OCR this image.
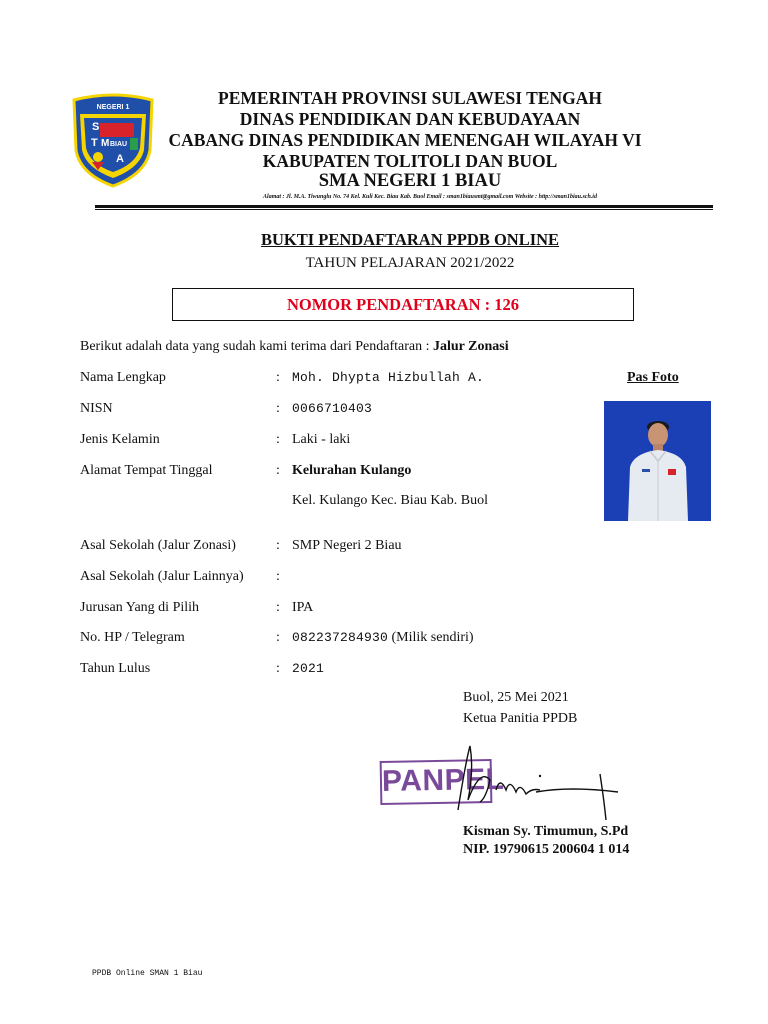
NEGERI 1
S
T M BIAU
A
PEMERINTAH PROVINSI SULAWESI TENGAH
DINAS PENDIDIKAN DAN KEBUDAYAAN
CABANG DINAS PENDIDIKAN MENENGAH WILAYAH VI
KABUPATEN TOLITOLI DAN BUOL
SMA NEGERI 1 BIAU
Alamat : Jl. M.A. Tiwunglu No. 74 Kel. Kuli Kec. Biau Kab. Buol Email : sman1biausmt@gmail.com Website : http://sman1biau.sch.id
BUKTI PENDAFTARAN PPDB ONLINE
TAHUN PELAJARAN 2021/2022
NOMOR PENDAFTARAN : 126
Berikut adalah data yang sudah kami terima dari Pendaftaran : Jalur Zonasi
Nama Lengkap	: Moh. Dhypta Hizbullah A.
NISN	: 0066710403
Jenis Kelamin	: Laki - laki
Alamat Tempat Tinggal	: Kelurahan Kulango
Kel. Kulango Kec. Biau Kab. Buol
Asal Sekolah (Jalur Zonasi)	: SMP Negeri 2 Biau
Asal Sekolah (Jalur Lainnya) :
Jurusan Yang di Pilih	: IPA
No. HP / Telegram	: 082237284930 (Milik sendiri)
Tahun Lulus	: 2021
Pas Foto
Buol, 25 Mei 2021
Ketua Panitia PPDB
PANPEL
Kisman Sy. Timumun, S.Pd
NIP. 19790615 200604 1 014
PPDB Online SMAN 1 Biau
